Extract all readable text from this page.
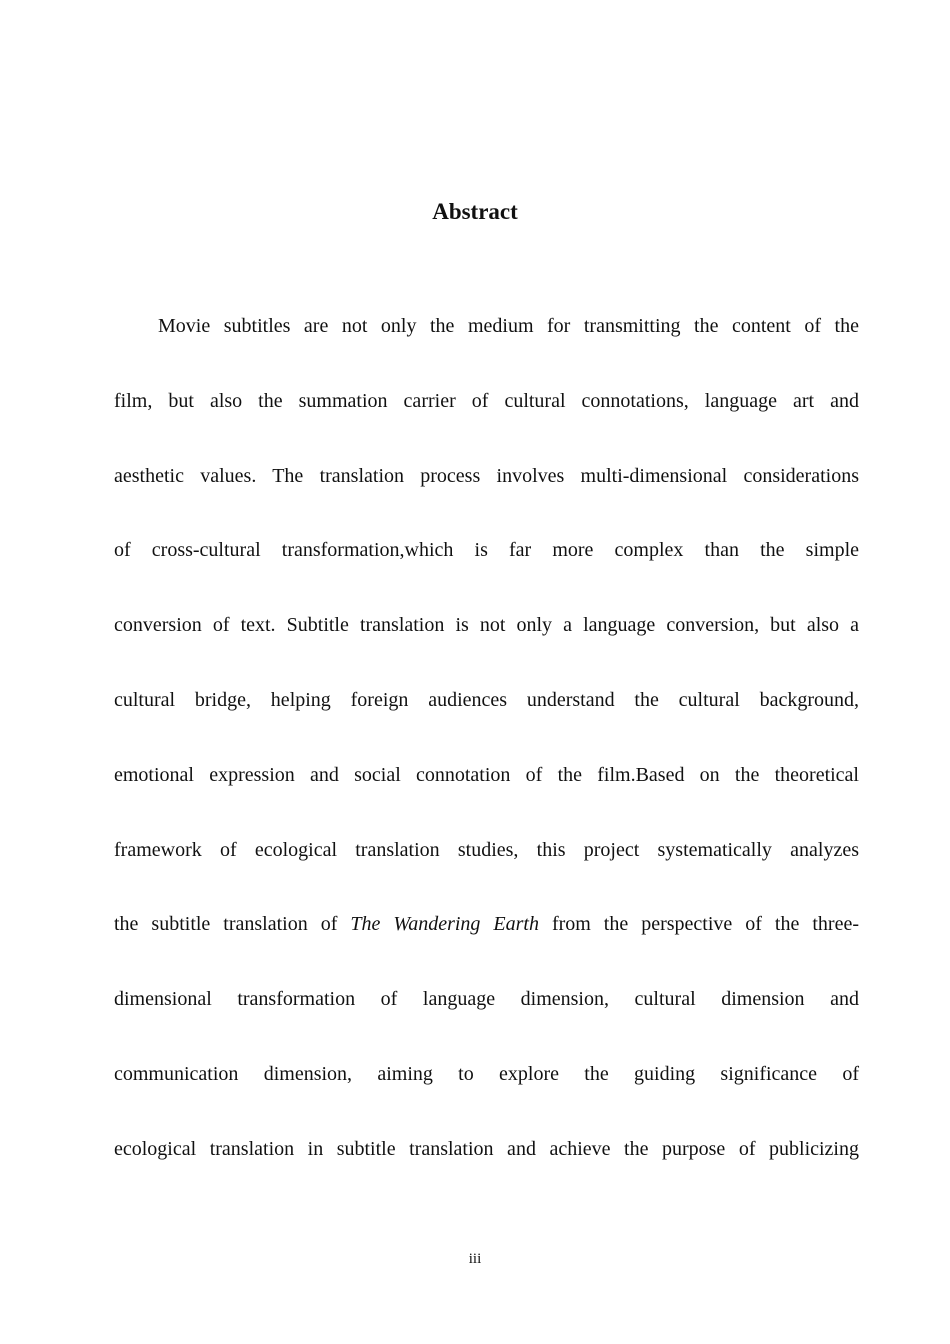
Abstract
Movie subtitles are not only the medium for transmitting the content of the
film, but also the summation carrier of cultural connotations, language art and
aesthetic values. The translation process involves multi-dimensional considerations
of cross-cultural transformation,which is far more complex than the simple
conversion of text. Subtitle translation is not only a language conversion, but also a
cultural bridge, helping foreign audiences understand the cultural background,
emotional expression and social connotation of the film.Based on the theoretical
framework of ecological translation studies, this project systematically analyzes
the subtitle translation of The Wandering Earth from the perspective of the three-
dimensional transformation of language dimension, cultural dimension and
communication dimension, aiming to explore the guiding significance of
ecological translation in subtitle translation and achieve the purpose of publicizing
iii
